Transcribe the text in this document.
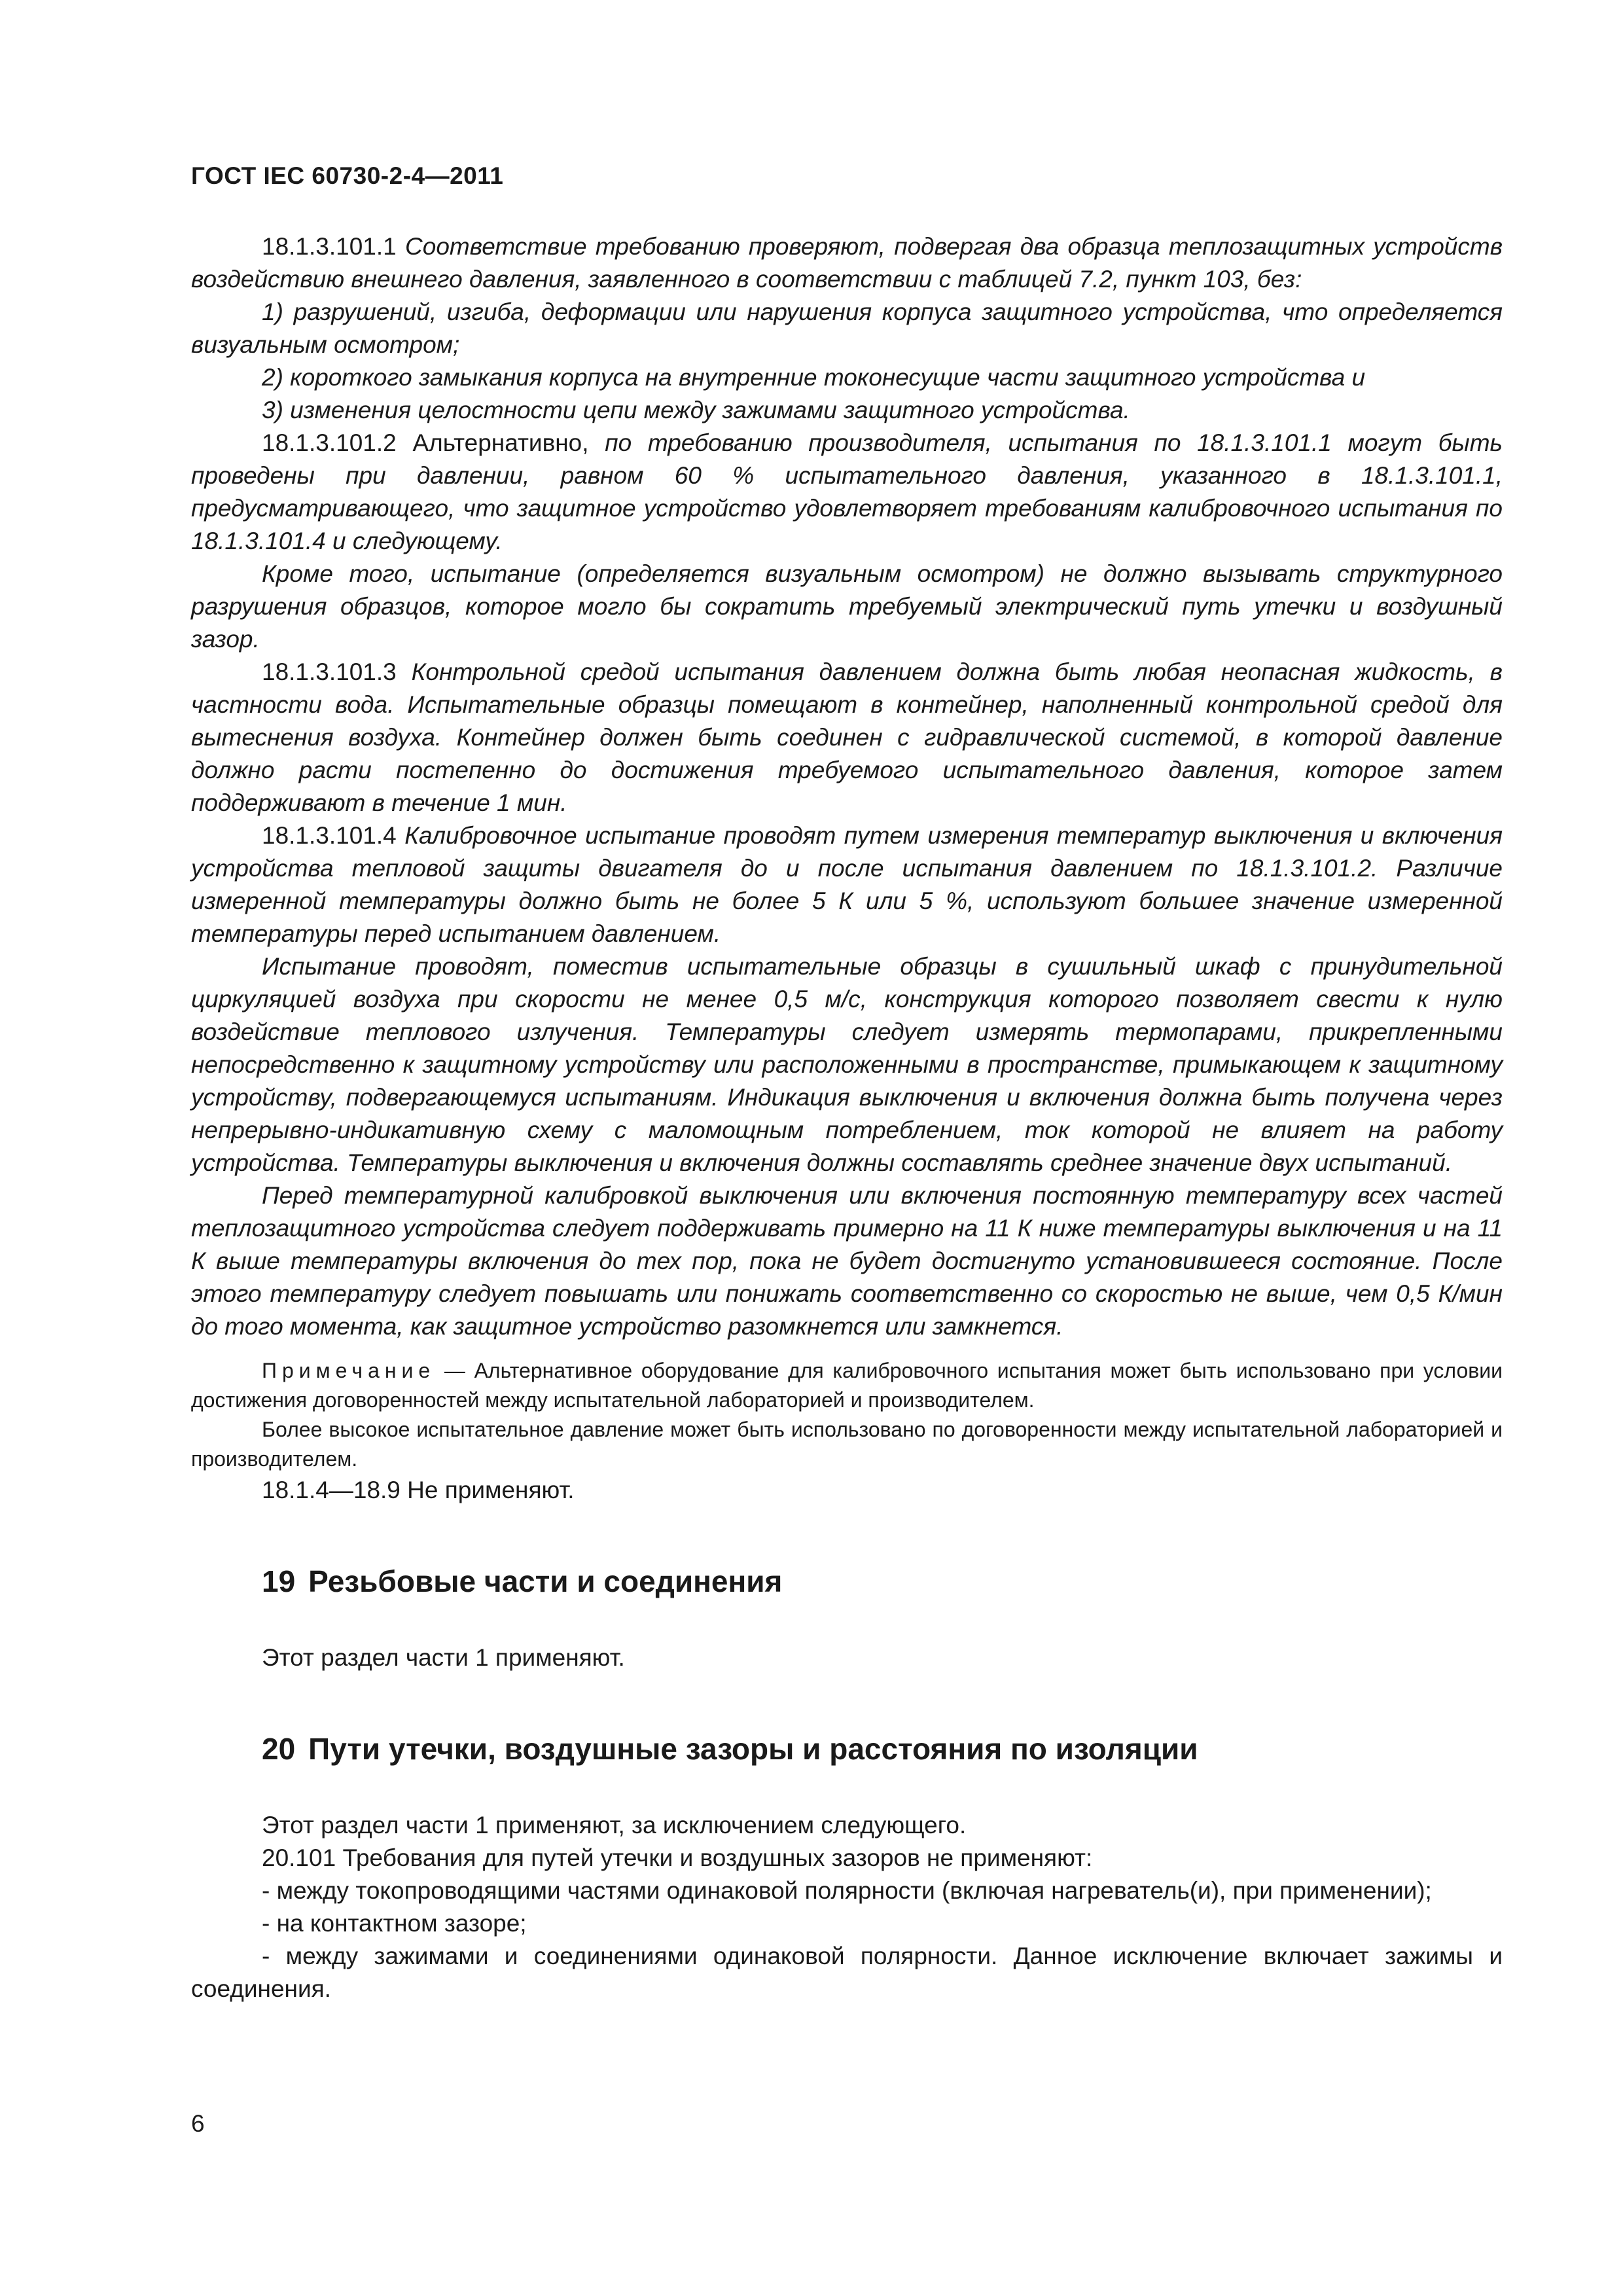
ГОСТ IEC 60730-2-4—2011

18.1.3.101.1 Соответствие требованию проверяют, подвергая два образца теплозащитных устройств воздействию внешнего давления, заявленного в соответствии с таблицей 7.2, пункт 103, без:

1) разрушений, изгиба, деформации или нарушения корпуса защитного устройства, что определяется визуальным осмотром;

2) короткого замыкания корпуса на внутренние токонесущие части защитного устройства и

3) изменения целостности цепи между зажимами защитного устройства.

18.1.3.101.2 Альтернативно, по требованию производителя, испытания по 18.1.3.101.1 могут быть проведены при давлении, равном 60 % испытательного давления, указанного в 18.1.3.101.1, предусматривающего, что защитное устройство удовлетворяет требованиям калибровочного испытания по 18.1.3.101.4 и следующему.

Кроме того, испытание (определяется визуальным осмотром) не должно вызывать структурного разрушения образцов, которое могло бы сократить требуемый электрический путь утечки и воздушный зазор.

18.1.3.101.3 Контрольной средой испытания давлением должна быть любая неопасная жидкость, в частности вода. Испытательные образцы помещают в контейнер, наполненный контрольной средой для вытеснения воздуха. Контейнер должен быть соединен с гидравлической системой, в которой давление должно расти постепенно до достижения требуемого испытательного давления, которое затем поддерживают в течение 1 мин.

18.1.3.101.4 Калибровочное испытание проводят путем измерения температур выключения и включения устройства тепловой защиты двигателя до и после испытания давлением по 18.1.3.101.2. Различие измеренной температуры должно быть не более 5 К или 5 %, используют большее значение измеренной температуры перед испытанием давлением.

Испытание проводят, поместив испытательные образцы в сушильный шкаф с принудительной циркуляцией воздуха при скорости не менее 0,5 м/с, конструкция которого позволяет свести к нулю воздействие теплового излучения. Температуры следует измерять термопарами, прикрепленными непосредственно к защитному устройству или расположенными в пространстве, примыкающем к защитному устройству, подвергающемуся испытаниям. Индикация выключения и включения должна быть получена через непрерывно-индикативную схему с маломощным потреблением, ток которой не влияет на работу устройства. Температуры выключения и включения должны составлять среднее значение двух испытаний.

Перед температурной калибровкой выключения или включения постоянную температуру всех частей теплозащитного устройства следует поддерживать примерно на 11 К ниже температуры выключения и на 11 К выше температуры включения до тех пор, пока не будет достигнуто установившееся состояние. После этого температуру следует повышать или понижать соответственно со скоростью не выше, чем 0,5 К/мин до того момента, как защитное устройство разомкнется или замкнется.

Примечание — Альтернативное оборудование для калибровочного испытания может быть использовано при условии достижения договоренностей между испытательной лабораторией и производителем.

Более высокое испытательное давление может быть использовано по договоренности между испытательной лабораторией и производителем.

18.1.4—18.9 Не применяют.

19 Резьбовые части и соединения

Этот раздел части 1 применяют.

20 Пути утечки, воздушные зазоры и расстояния по изоляции

Этот раздел части 1 применяют, за исключением следующего.

20.101 Требования для путей утечки и воздушных зазоров не применяют:

- между токопроводящими частями одинаковой полярности (включая нагреватель(и), при применении);

- на контактном зазоре;

- между зажимами и соединениями одинаковой полярности. Данное исключение включает зажимы и соединения.

6
